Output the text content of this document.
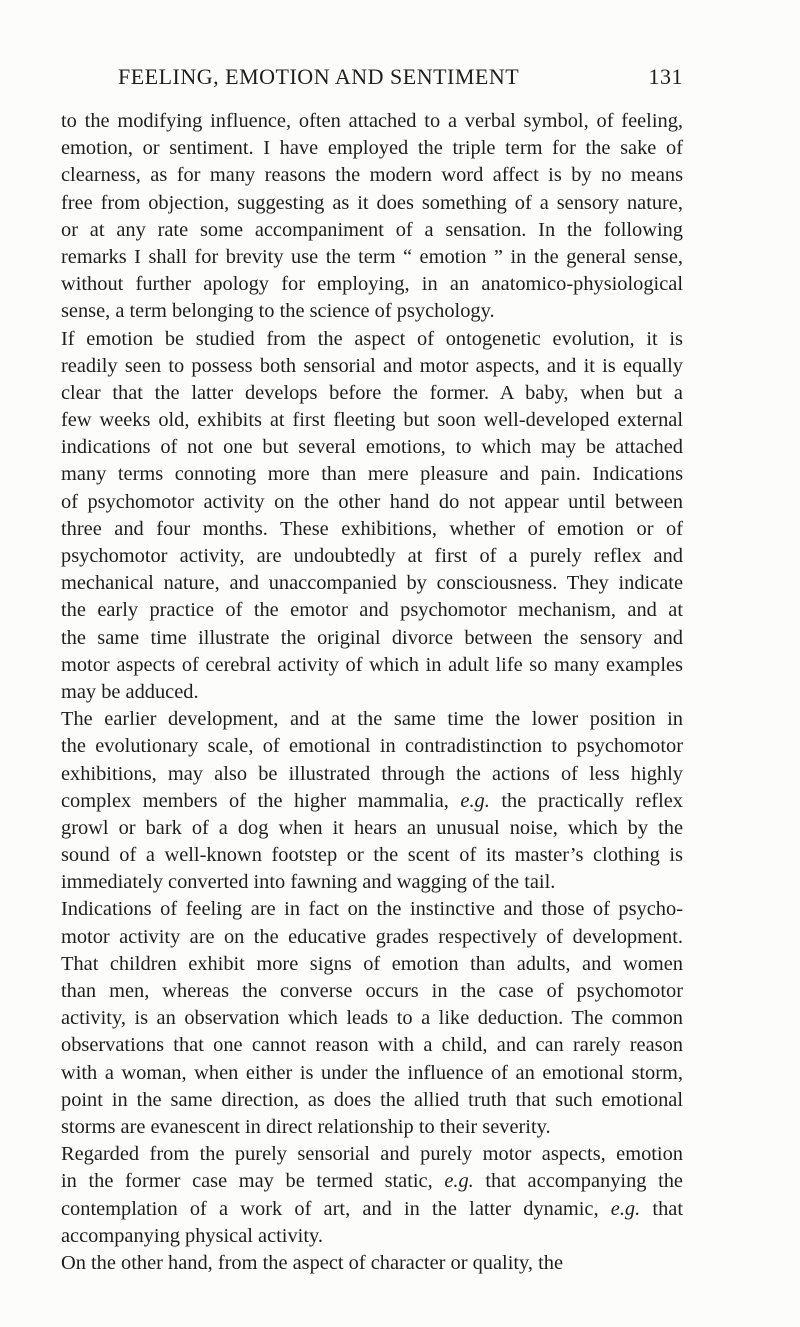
FEELING, EMOTION AND SENTIMENT	131
to the modifying influence, often attached to a verbal symbol, of feeling,
emotion, or sentiment. I have employed the triple term for the sake of
clearness, as for many reasons the modern word affect is by no means
free from objection, suggesting as it does something of a sensory nature,
or at any rate some accompaniment of a sensation. In the following
remarks I shall for brevity use the term “ emotion ” in the general sense,
without further apology for employing, in an anatomico-physiological
sense, a term belonging to the science of psychology.
If emotion be studied from the aspect of ontogenetic evolution, it is
readily seen to possess both sensorial and motor aspects, and it is equally
clear that the latter develops before the former. A baby, when but a
few weeks old, exhibits at first fleeting but soon well-developed external
indications of not one but several emotions, to which may be attached
many terms connoting more than mere pleasure and pain. Indications
of psychomotor activity on the other hand do not appear until between
three and four months. These exhibitions, whether of emotion or of
psychomotor activity, are undoubtedly at first of a purely reflex and
mechanical nature, and unaccompanied by consciousness. They indicate
the early practice of the emotor and psychomotor mechanism, and at
the same time illustrate the original divorce between the sensory and
motor aspects of cerebral activity of which in adult life so many examples
may be adduced.
The earlier development, and at the same time the lower position in
the evolutionary scale, of emotional in contradistinction to psychomotor
exhibitions, may also be illustrated through the actions of less highly
complex members of the higher mammalia, e.g. the practically reflex
growl or bark of a dog when it hears an unusual noise, which by the
sound of a well-known footstep or the scent of its master’s clothing is
immediately converted into fawning and wagging of the tail.
Indications of feeling are in fact on the instinctive and those of psycho-
motor activity are on the educative grades respectively of development.
That children exhibit more signs of emotion than adults, and women
than men, whereas the converse occurs in the case of psychomotor
activity, is an observation which leads to a like deduction. The common
observations that one cannot reason with a child, and can rarely reason
with a woman, when either is under the influence of an emotional storm,
point in the same direction, as does the allied truth that such emotional
storms are evanescent in direct relationship to their severity.
Regarded from the purely sensorial and purely motor aspects, emotion
in the former case may be termed static, e.g. that accompanying the
contemplation of a work of art, and in the latter dynamic, e.g. that
accompanying physical activity.
On the other hand, from the aspect of character or quality, the
